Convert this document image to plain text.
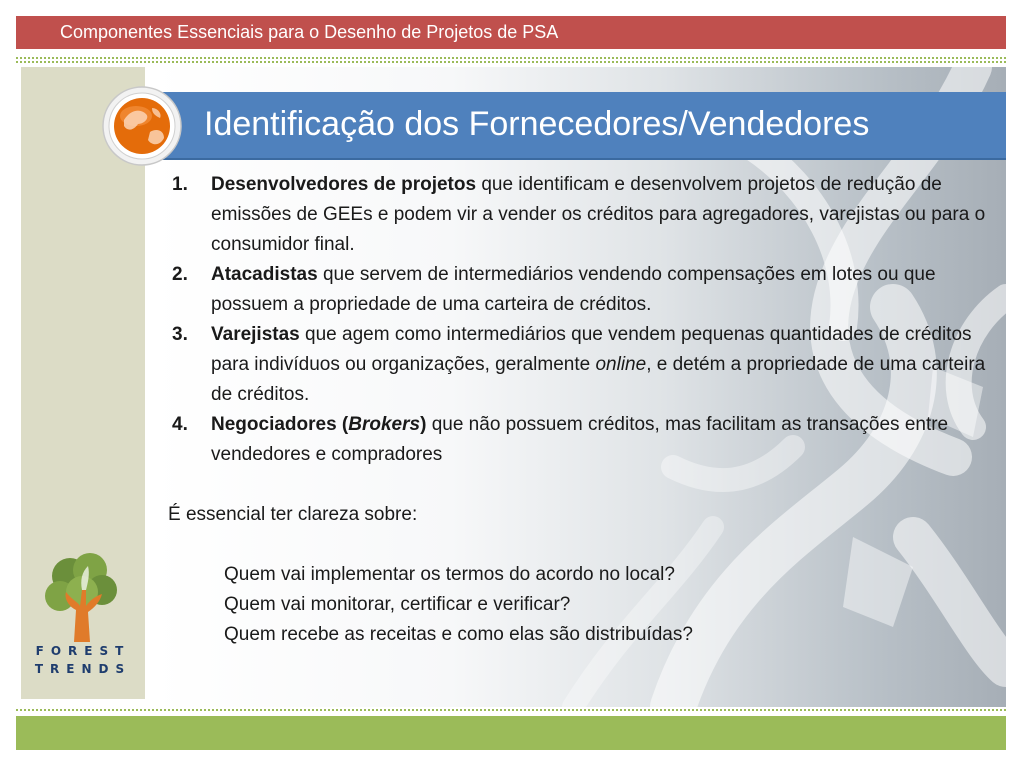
Componentes Essenciais para o Desenho de Projetos de PSA
Identificação dos Fornecedores/Vendedores
1. Desenvolvedores de projetos que identificam e desenvolvem projetos de redução de emissões de GEEs e podem vir a vender os créditos para agregadores, varejistas ou para o consumidor final.
2. Atacadistas que servem de intermediários vendendo compensações em lotes ou que possuem a propriedade de uma carteira de créditos.
3. Varejistas que agem como intermediários que vendem pequenas quantidades de créditos para indivíduos ou organizações, geralmente online, e detém a propriedade de uma carteira de créditos.
4. Negociadores (Brokers) que não possuem créditos, mas facilitam as transações entre vendedores e compradores
É essencial ter clareza sobre:
Quem vai implementar os termos do acordo no local?
Quem vai monitorar, certificar e verificar?
Quem recebe as receitas e como elas são distribuídas?
FOREST
TRENDS
